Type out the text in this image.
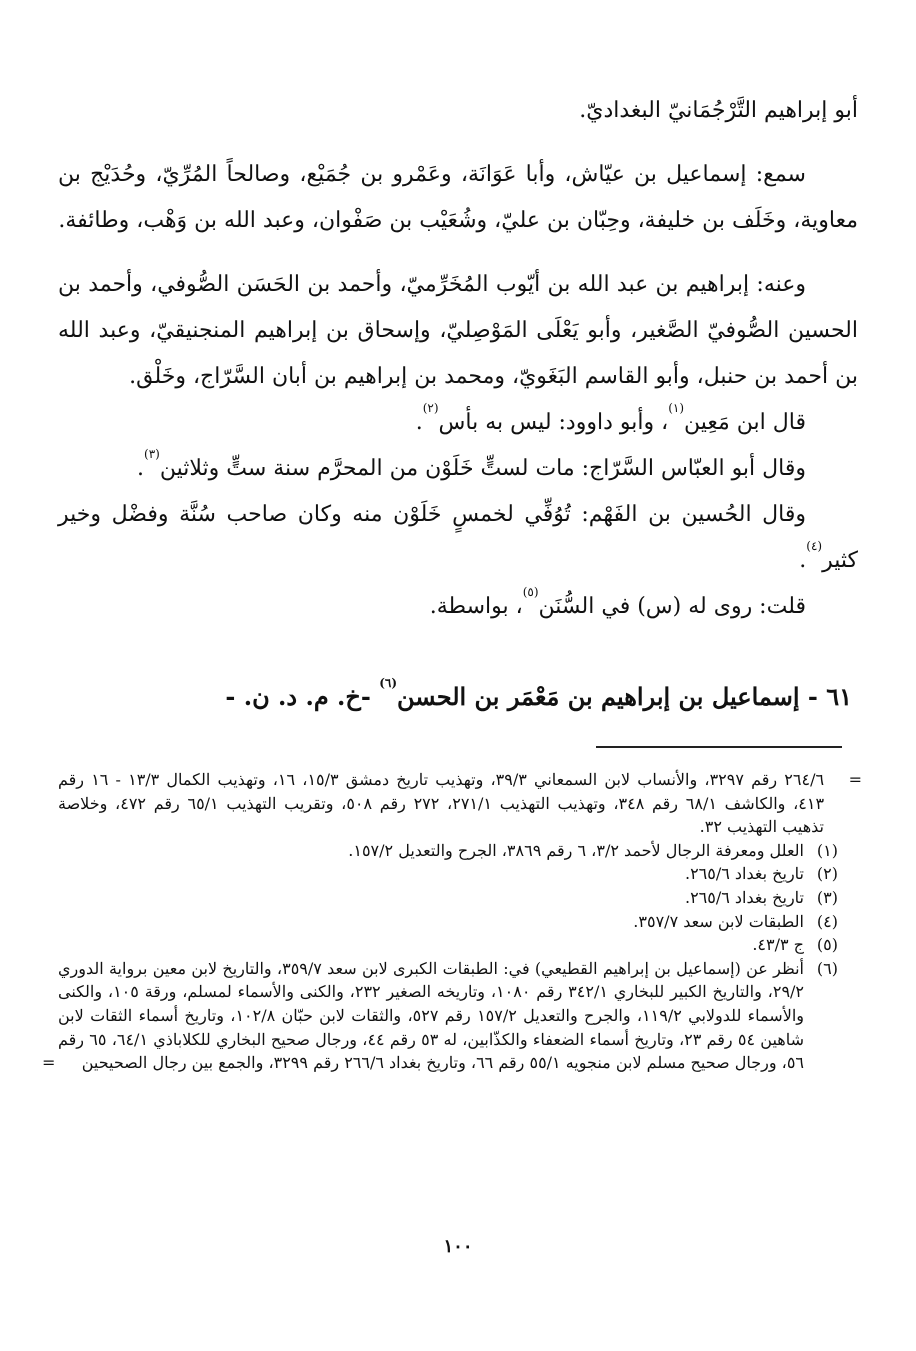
أبو إبراهيم التَّرْجُمَانيّ البغداديّ.

سمع: إسماعيل بن عيّاش، وأبا عَوَانَة، وعَمْرو بن جُمَيْع، وصالحاً المُرِّيّ، وحُدَيْج بن معاوية، وخَلَف بن خليفة، وحِبّان بن عليّ، وشُعَيْب بن صَفْوان، وعبد الله بن وَهْب، وطائفة.

وعنه: إبراهيم بن عبد الله بن أيّوب المُخَرِّميّ، وأحمد بن الحَسَن الصُّوفي، وأحمد بن الحسين الصُّوفيّ الصَّغير، وأبو يَعْلَى المَوْصِليّ، وإسحاق بن إبراهيم المنجنيقيّ، وعبد الله بن أحمد بن حنبل، وأبو القاسم البَغَويّ، ومحمد بن إبراهيم بن أبان السَّرّاج، وخَلْق.

قال ابن مَعِين$^{(١)}$، وأبو داوود: ليس به بأس$^{(٢)}$.

وقال أبو العبّاس السَّرّاج: مات لستٍّ خَلَوْن من المحرَّم سنة ستٍّ وثلاثين$^{(٣)}$.

وقال الحُسين بن الفَهْم: تُوُفِّي لخمسٍ خَلَوْن منه وكان صاحب سُنَّة وفضْل وخير كثير$^{(٤)}$.

قلت: روى له (س) في السُّنَن$^{(٥)}$، بواسطة.

٦١ - إسماعيل بن إبراهيم بن مَعْمَر بن الحسن$^{(٦)}$ -خ. م. د. ن. -
=
٢٦٤/٦ رقم ٣٢٩٧، والأنساب لابن السمعاني ٣٩/٣، وتهذيب تاريخ دمشق ١٥/٣، ١٦، وتهذيب الكمال ١٣/٣ - ١٦ رقم ٤١٣، والكاشف ٦٨/١ رقم ٣٤٨، وتهذيب التهذيب ٢٧١/١، ٢٧٢ رقم ٥٠٨، وتقريب التهذيب ٦٥/١ رقم ٤٧٢، وخلاصة تذهيب التهذيب ٣٢.
(١)
العلل ومعرفة الرجال لأحمد ٣/٢، ٦ رقم ٣٨٦٩، الجرح والتعديل ١٥٧/٢.
(٢)
تاريخ بغداد ٢٦٥/٦.
(٣)
تاريخ بغداد ٢٦٥/٦.
(٤)
الطبقات لابن سعد ٣٥٧/٧.
(٥)
ج ٤٣/٣.
(٦)
أنظر عن (إسماعيل بن إبراهيم القطيعي) في: الطبقات الكبرى لابن سعد ٣٥٩/٧، والتاريخ لابن معين برواية الدوري ٢٩/٢، والتاريخ الكبير للبخاري ٣٤٢/١ رقم ١٠٨٠، وتاريخه الصغير ٢٣٢، والكنى والأسماء لمسلم، ورقة ١٠٥، والكنى والأسماء للدولابي ١١٩/٢، والجرح والتعديل ١٥٧/٢ رقم ٥٢٧، والثقات لابن حبّان ١٠٢/٨، وتاريخ أسماء الثقات لابن شاهين ٥٤ رقم ٢٣، وتاريخ أسماء الضعفاء والكذّابين، له ٥٣ رقم ٤٤، ورجال صحيح البخاري للكلاباذي ٦٤/١، ٦٥ رقم ٥٦، ورجال صحيح مسلم لابن منجويه ٥٥/١ رقم ٦٦، وتاريخ بغداد ٢٦٦/٦ رقم ٣٢٩٩، والجمع بين رجال الصحيحين
=
١٠٠
